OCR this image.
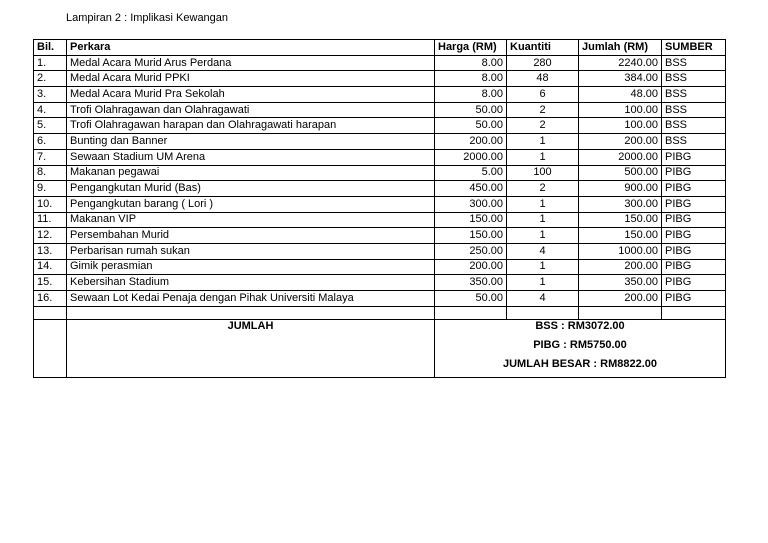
Lampiran 2 : Implikasi Kewangan
Bil.	Perkara	Harga (RM)	Kuantiti	Jumlah (RM)	SUMBER
1.	Medal Acara Murid Arus Perdana	8.00	280	2240.00	BSS
2.	Medal Acara Murid PPKI	8.00	48	384.00	BSS
3.	Medal Acara Murid Pra Sekolah	8.00	6	48.00	BSS
4.	Trofi Olahragawan dan Olahragawati	50.00	2	100.00	BSS
5.	Trofi Olahragawan harapan dan Olahragawati harapan	50.00	2	100.00	BSS
6.	Bunting dan Banner	200.00	1	200.00	BSS
7.	Sewaan Stadium UM Arena	2000.00	1	2000.00	PIBG
8.	Makanan pegawai	5.00	100	500.00	PIBG
9.	Pengangkutan Murid (Bas)	450.00	2	900.00	PIBG
10.	Pengangkutan barang ( Lori )	300.00	1	300.00	PIBG
11.	Makanan VIP	150.00	1	150.00	PIBG
12.	Persembahan Murid	150.00	1	150.00	PIBG
13.	Perbarisan rumah sukan	250.00	4	1000.00	PIBG
14.	Gimik perasmian	200.00	1	200.00	PIBG
15.	Kebersihan Stadium	350.00	1	350.00	PIBG
16.	Sewaan Lot Kedai Penaja dengan Pihak Universiti Malaya	50.00	4	200.00	PIBG

	JUMLAH	BSS : RM3072.00
PIBG : RM5750.00
JUMLAH BESAR : RM8822.00			
